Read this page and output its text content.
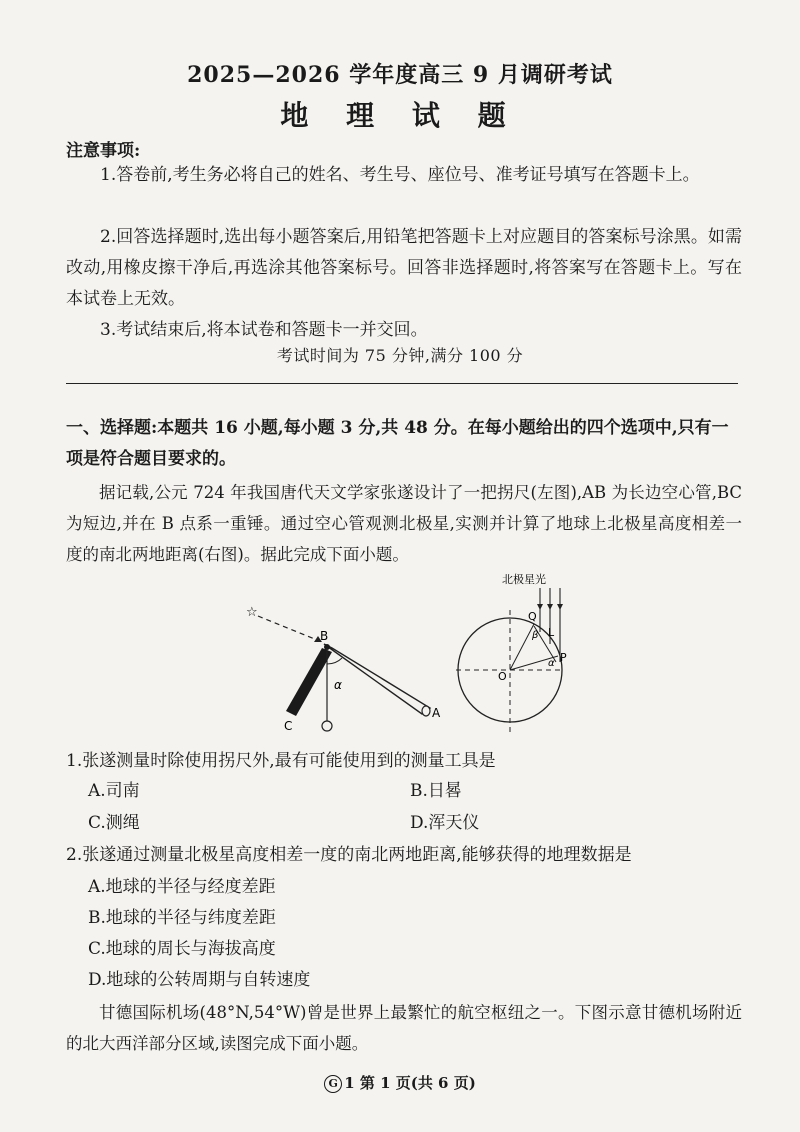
2025—2026 学年度高三 9 月调研考试
地 理 试 题
注意事项:
1.答卷前,考生务必将自己的姓名、考生号、座位号、准考证号填写在答题卡上。
2.回答选择题时,选出每小题答案后,用铅笔把答题卡上对应题目的答案标号涂黑。如需改动,用橡皮擦干净后,再选涂其他答案标号。回答非选择题时,将答案写在答题卡上。写在本试卷上无效。
3.考试结束后,将本试卷和答题卡一并交回。
考试时间为 75 分钟,满分 100 分
一、选择题:本题共 16 小题,每小题 3 分,共 48 分。在每小题给出的四个选项中,只有一项是符合题目要求的。
据记载,公元 724 年我国唐代天文学家张遂设计了一把拐尺(左图),AB 为长边空心管,BC 为短边,并在 B 点系一重锤。通过空心管观测北极星,实测并计算了地球上北极星高度相差一度的南北两地距离(右图)。据此完成下面小题。
☆
B
A
C
α
北极星光
Q
L
P
O
β
α
1.张遂测量时除使用拐尺外,最有可能使用到的测量工具是
A.司南	B.日晷
C.测绳	D.浑天仪
2.张遂通过测量北极星高度相差一度的南北两地距离,能够获得的地理数据是
A.地球的半径与经度差距
B.地球的半径与纬度差距
C.地球的周长与海拔高度
D.地球的公转周期与自转速度
甘德国际机场(48°N,54°W)曾是世界上最繁忙的航空枢纽之一。下图示意甘德机场附近的北大西洋部分区域,读图完成下面小题。
G 1 第 1 页(共 6 页)
